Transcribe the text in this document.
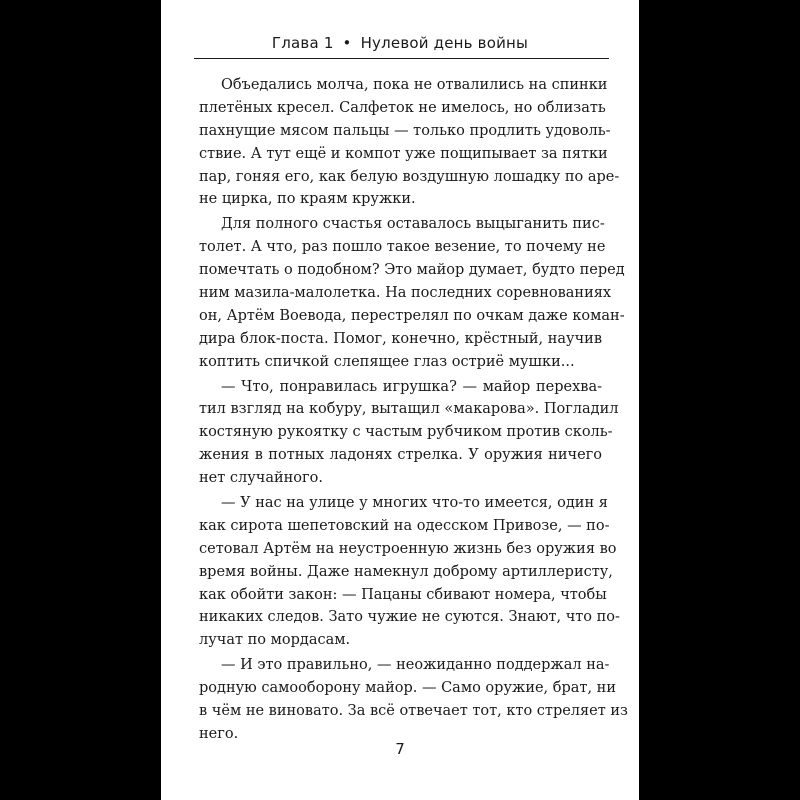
Глава 1 • Нулевой день войны
Объедались молча, пока не отвалились на спинки
плетёных кресел. Салфеток не имелось, но облизать
пахнущие мясом пальцы — только продлить удоволь-
ствие. А тут ещё и компот уже пощипывает за пятки
пар, гоняя его, как белую воздушную лошадку по аре-
не цирка, по краям кружки.
Для полного счастья оставалось выцыганить пис-
толет. А что, раз пошло такое везение, то почему не
помечтать о подобном? Это майор думает, будто перед
ним мазила-малолетка. На последних соревнованиях
он, Артём Воевода, перестрелял по очкам даже коман-
дира блок-поста. Помог, конечно, крёстный, научив
коптить спичкой слепящее глаз остриё мушки...
— Что, понравилась игрушка? — майор перехва-
тил взгляд на кобуру, вытащил «макарова». Погладил
костяную рукоятку с частым рубчиком против сколь-
жения в потных ладонях стрелка. У оружия ничего
нет случайного.
— У нас на улице у многих что-то имеется, один я
как сирота шепетовский на одесском Привозе, — по-
сетовал Артём на неустроенную жизнь без оружия во
время войны. Даже намекнул доброму артиллеристу,
как обойти закон: — Пацаны сбивают номера, чтобы
никаких следов. Зато чужие не суются. Знают, что по-
лучат по мордасам.
— И это правильно, — неожиданно поддержал на-
родную самооборону майор. — Само оружие, брат, ни
в чём не виновато. За всё отвечает тот, кто стреляет из
него.
7
